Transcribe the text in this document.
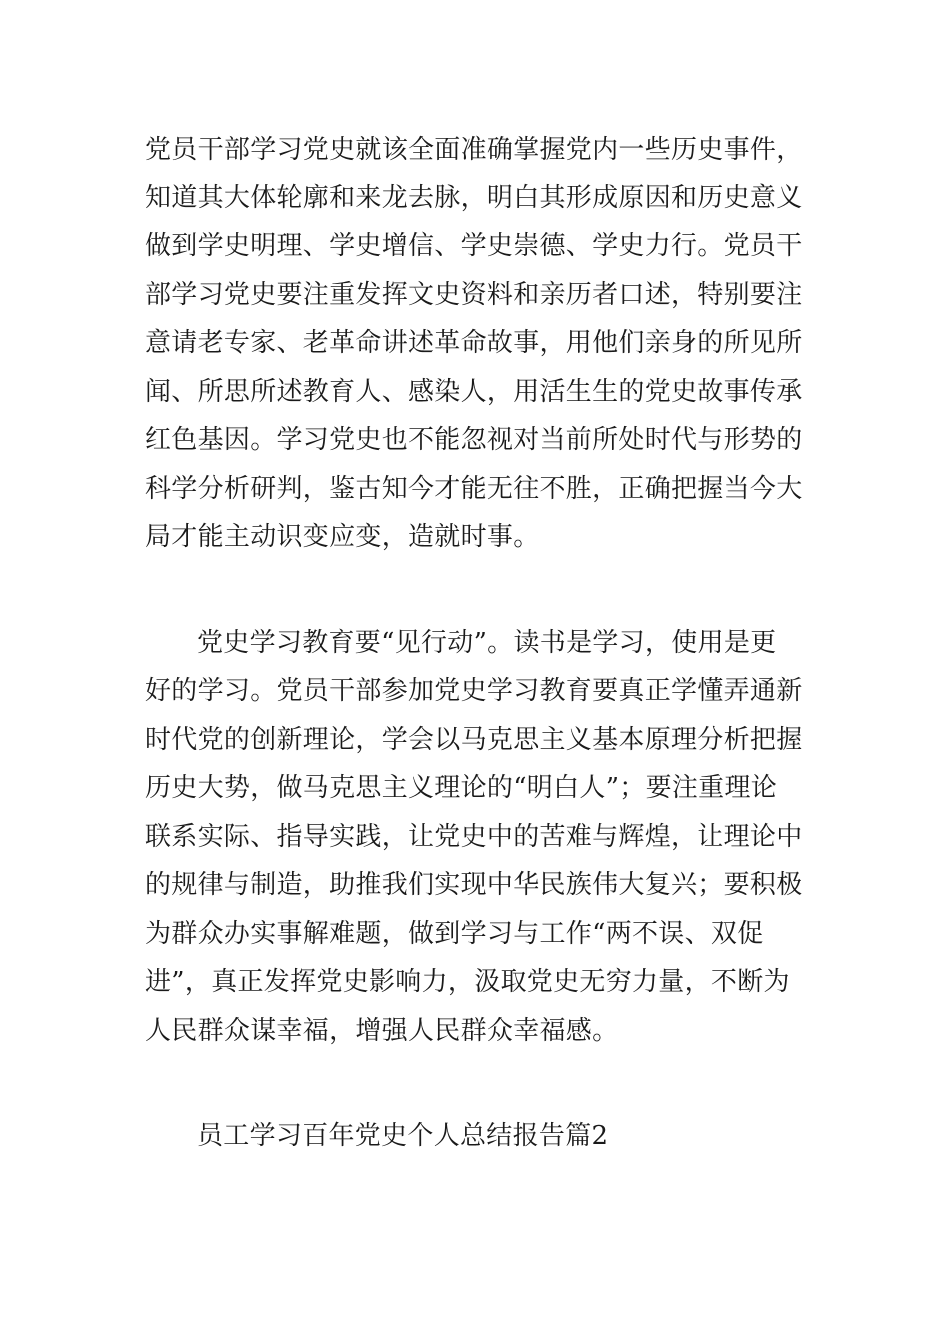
党员干部学习党史就该全面准确掌握党内一些历史事件，
知道其大体轮廓和来龙去脉，明白其形成原因和历史意义
做到学史明理、学史增信、学史崇德、学史力行。党员干
部学习党史要注重发挥文史资料和亲历者口述，特别要注
意请老专家、老革命讲述革命故事，用他们亲身的所见所
闻、所思所述教育人、感染人，用活生生的党史故事传承
红色基因。学习党史也不能忽视对当前所处时代与形势的
科学分析研判，鉴古知今才能无往不胜，正确把握当今大
局才能主动识变应变，造就时事。
党史学习教育要“见行动”。读书是学习，使用是更
好的学习。党员干部参加党史学习教育要真正学懂弄通新
时代党的创新理论，学会以马克思主义基本原理分析把握
历史大势，做马克思主义理论的“明白人”；要注重理论
联系实际、指导实践，让党史中的苦难与辉煌，让理论中
的规律与制造，助推我们实现中华民族伟大复兴；要积极
为群众办实事解难题，做到学习与工作“两不误、双促
进”，真正发挥党史影响力，汲取党史无穷力量，不断为
人民群众谋幸福，增强人民群众幸福感。
员工学习百年党史个人总结报告篇2
